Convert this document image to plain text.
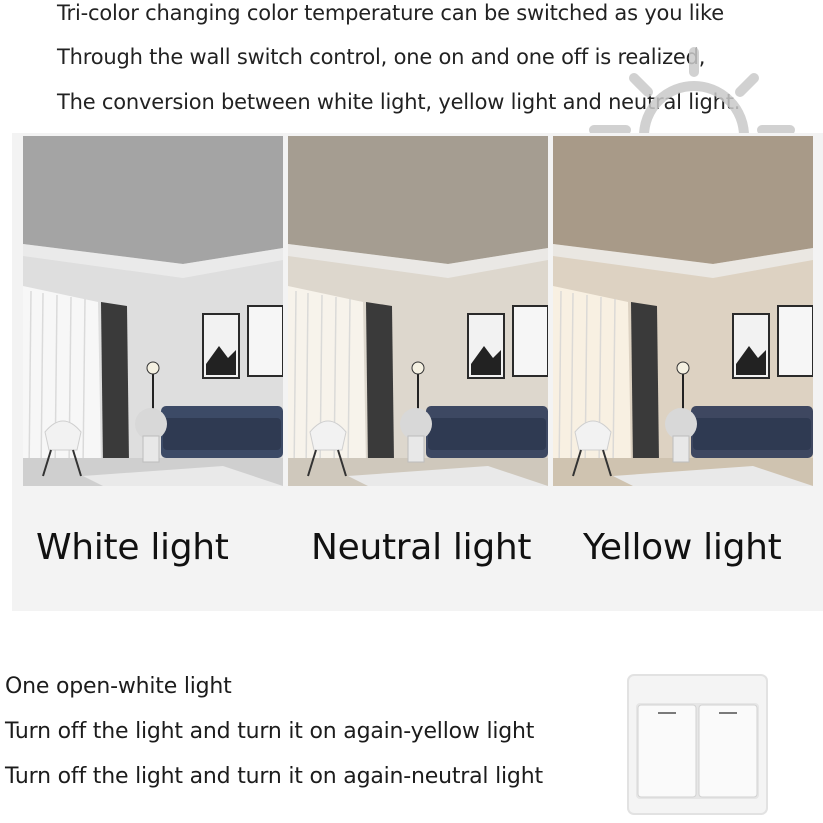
Tri-color changing color temperature can be switched as you like
Through the wall switch control, one on and one off is realized,
The conversion between white light, yellow light and neutral light.
White light Neutral light Yellow light
One open-white light
Turn off the light and turn it on again-yellow light
Turn off the light and turn it on again-neutral light
